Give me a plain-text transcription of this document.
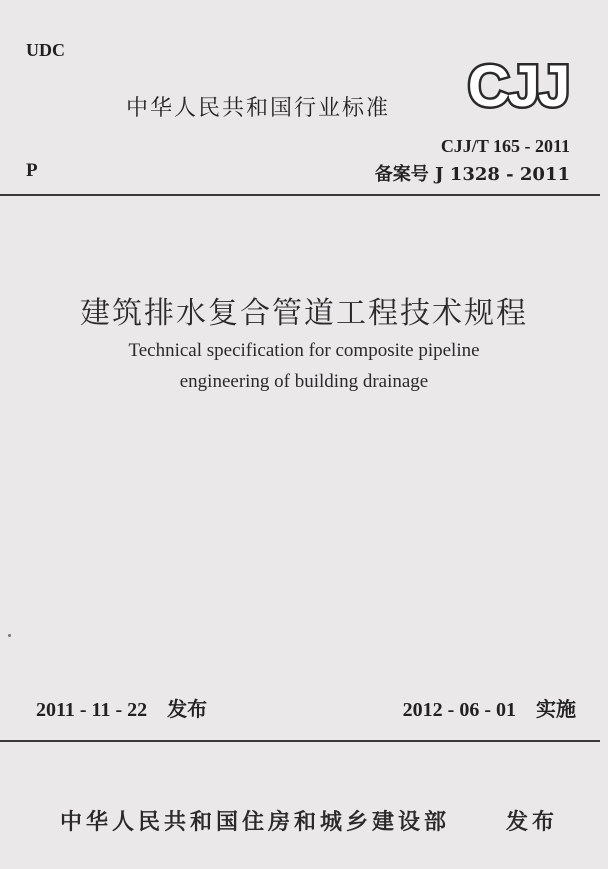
UDC
中华人民共和国行业标准 CJJ
CJJ/T 165 - 2011
P	备案号 J 1328 - 2011
建筑排水复合管道工程技术规程
Technical specification for composite pipeline
engineering of building drainage
2011 - 11 - 22 发布	2012 - 06 - 01 实施
中华人民共和国住房和城乡建设部	发布
